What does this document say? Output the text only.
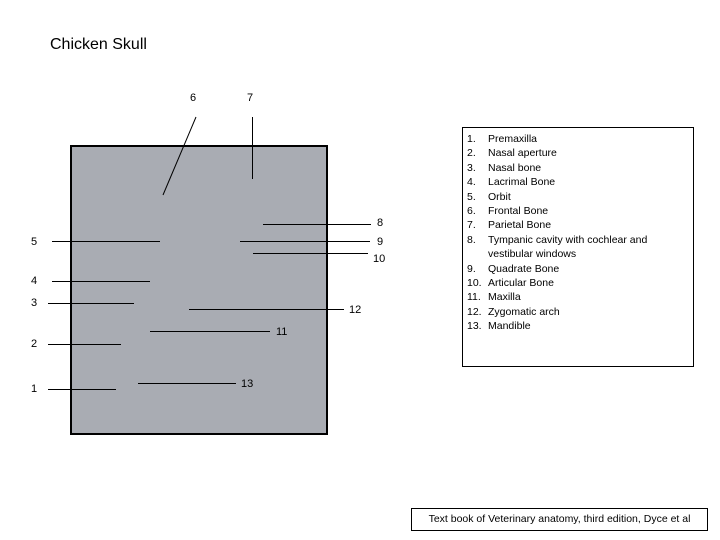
Chicken Skull
6	7
5
4
3
2
1
8
9
10
12
11
13
1.	Premaxilla
2.	Nasal aperture
3.	Nasal bone
4.	Lacrimal Bone
5.	Orbit
6.	Frontal Bone
7.	Parietal Bone
8.	Tympanic cavity with cochlear and vestibular windows
9.	Quadrate Bone
10. Articular Bone
11. Maxilla
12. Zygomatic arch
13. Mandible
Text book of Veterinary anatomy, third edition, Dyce et al
